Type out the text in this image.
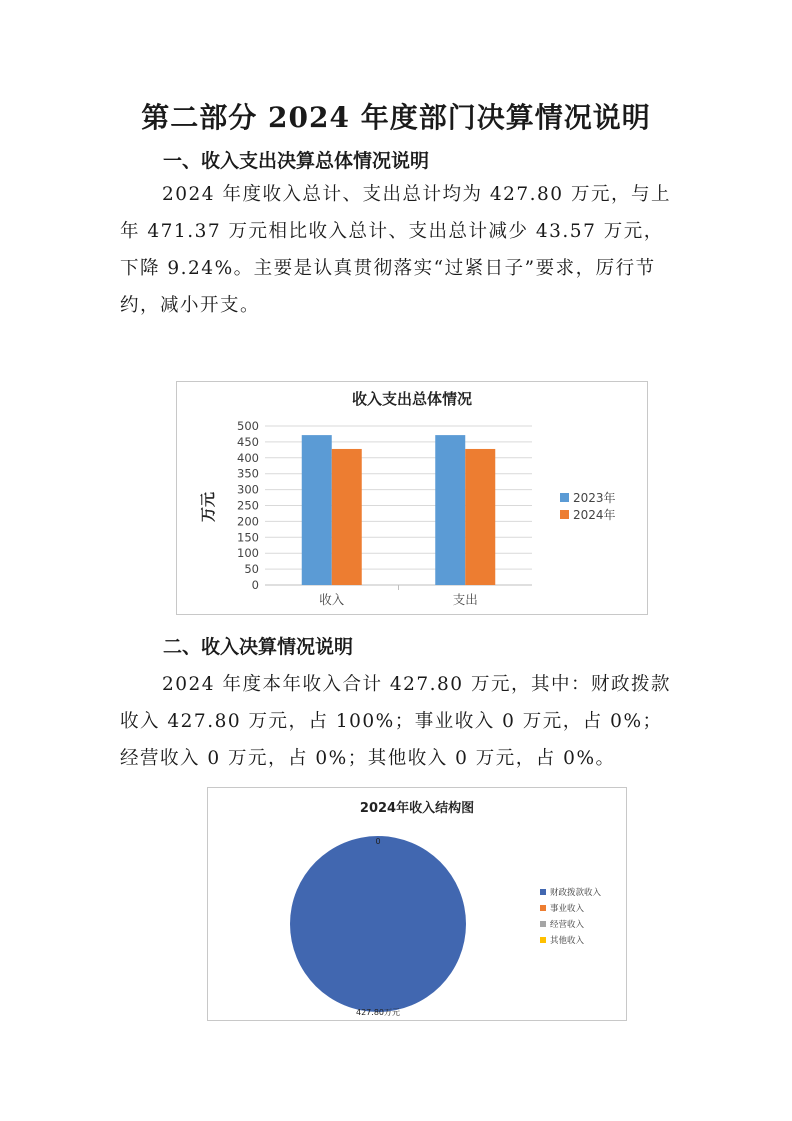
第二部分 2024 年度部门决算情况说明
一、收入支出决算总体情况说明
2024 年度收入总计、支出总计均为 427.80 万元，与上年 471.37 万元相比收入总计、支出总计减少 43.57 万元，下降 9.24%。主要是认真贯彻落实“过紧日子”要求，厉行节约，减小开支。
收入支出总体情况
万元
0
50
100
150
200
250
300
350
400
450
500
收入	支出
2023年
2024年
二、收入决算情况说明
2024 年度本年收入合计 427.80 万元，其中：财政拨款收入 427.80 万元，占 100%；事业收入 0 万元，占 0%；经营收入 0 万元，占 0%；其他收入 0 万元，占 0%。
2024年收入结构图
427.80万元
0
财政拨款收入
事业收入
经营收入
其他收入
